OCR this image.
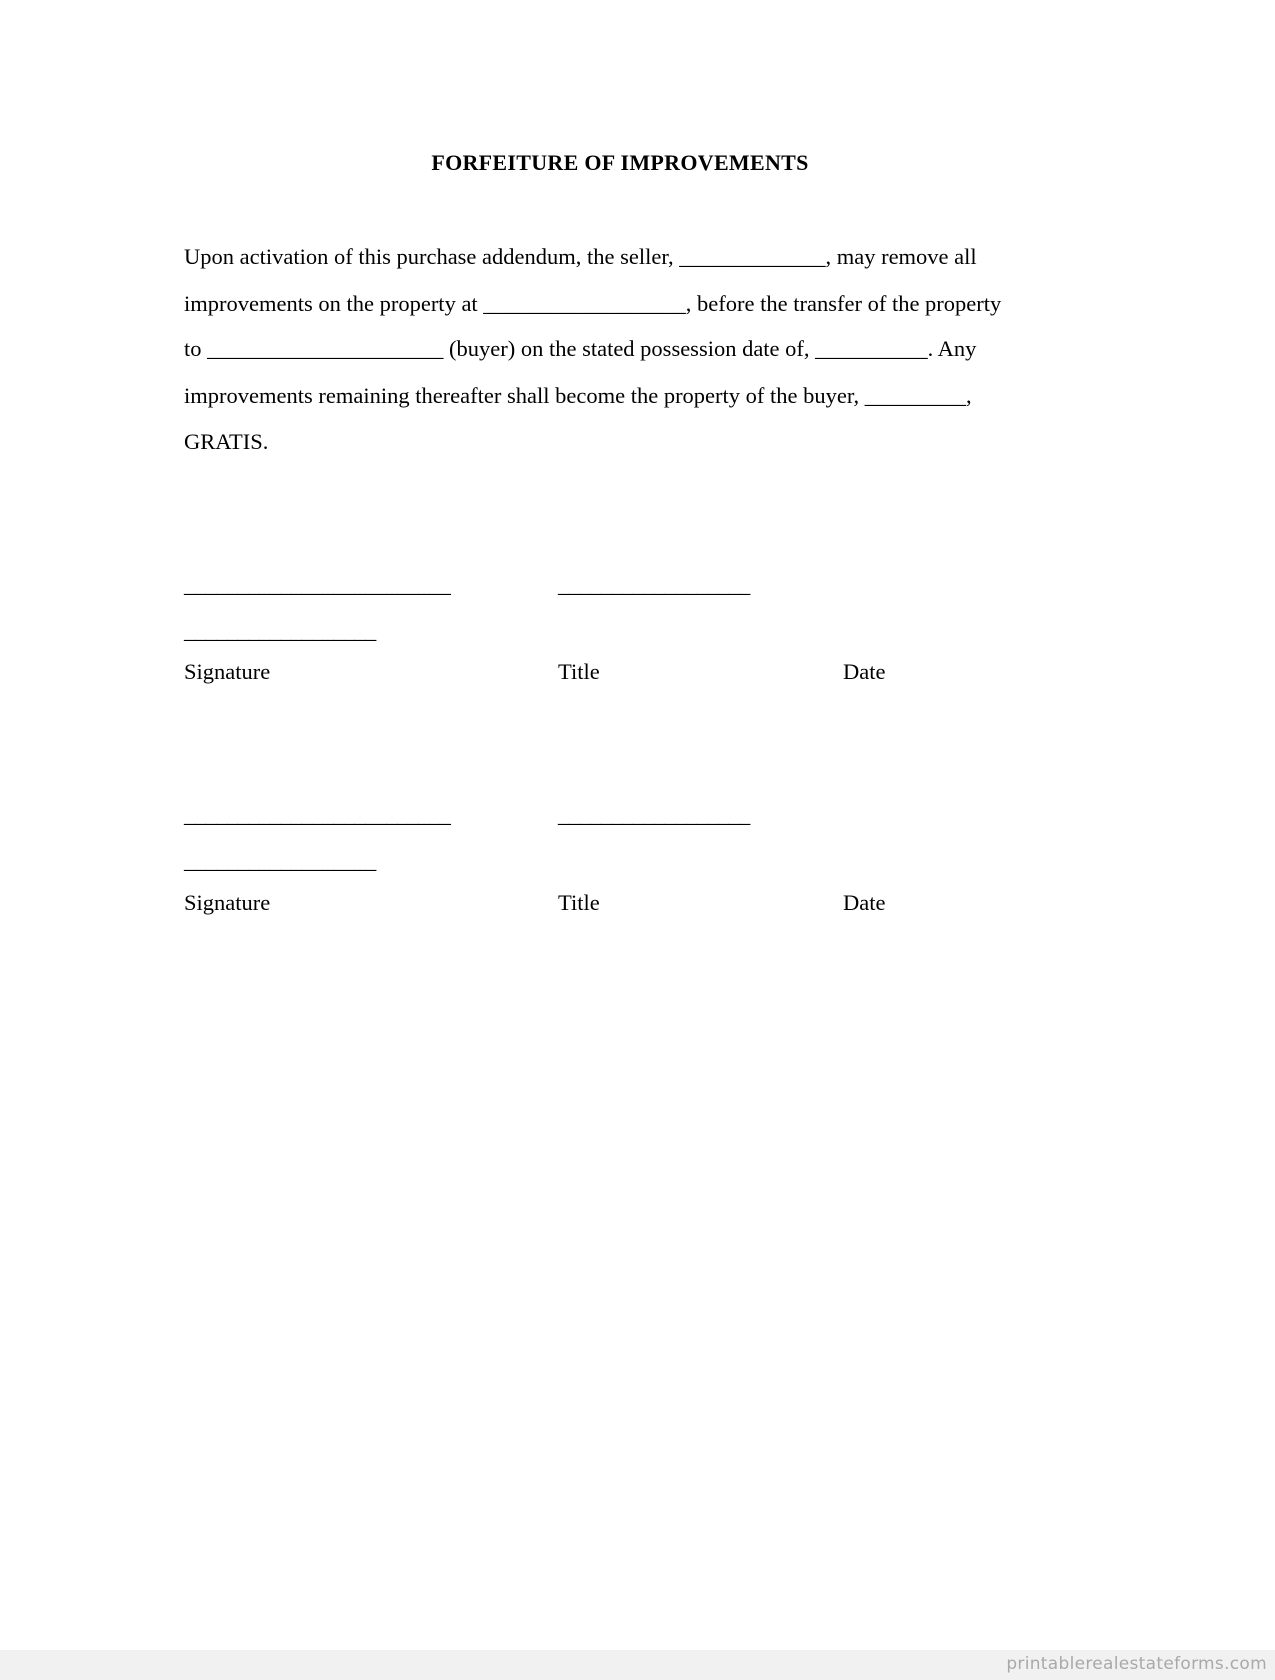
FORFEITURE OF IMPROVEMENTS
Upon activation of this purchase addendum, the seller, _____________, may remove all
improvements on the property at __________________, before the transfer of the property
to _____________________ (buyer) on the stated possession date of, __________. Any
improvements remaining thereafter shall become the property of the buyer, _________,
GRATIS.
_________________________	__________________
__________________
Signature	Title	Date
_________________________	__________________
__________________
Signature	Title	Date
printablerealestateforms.com
